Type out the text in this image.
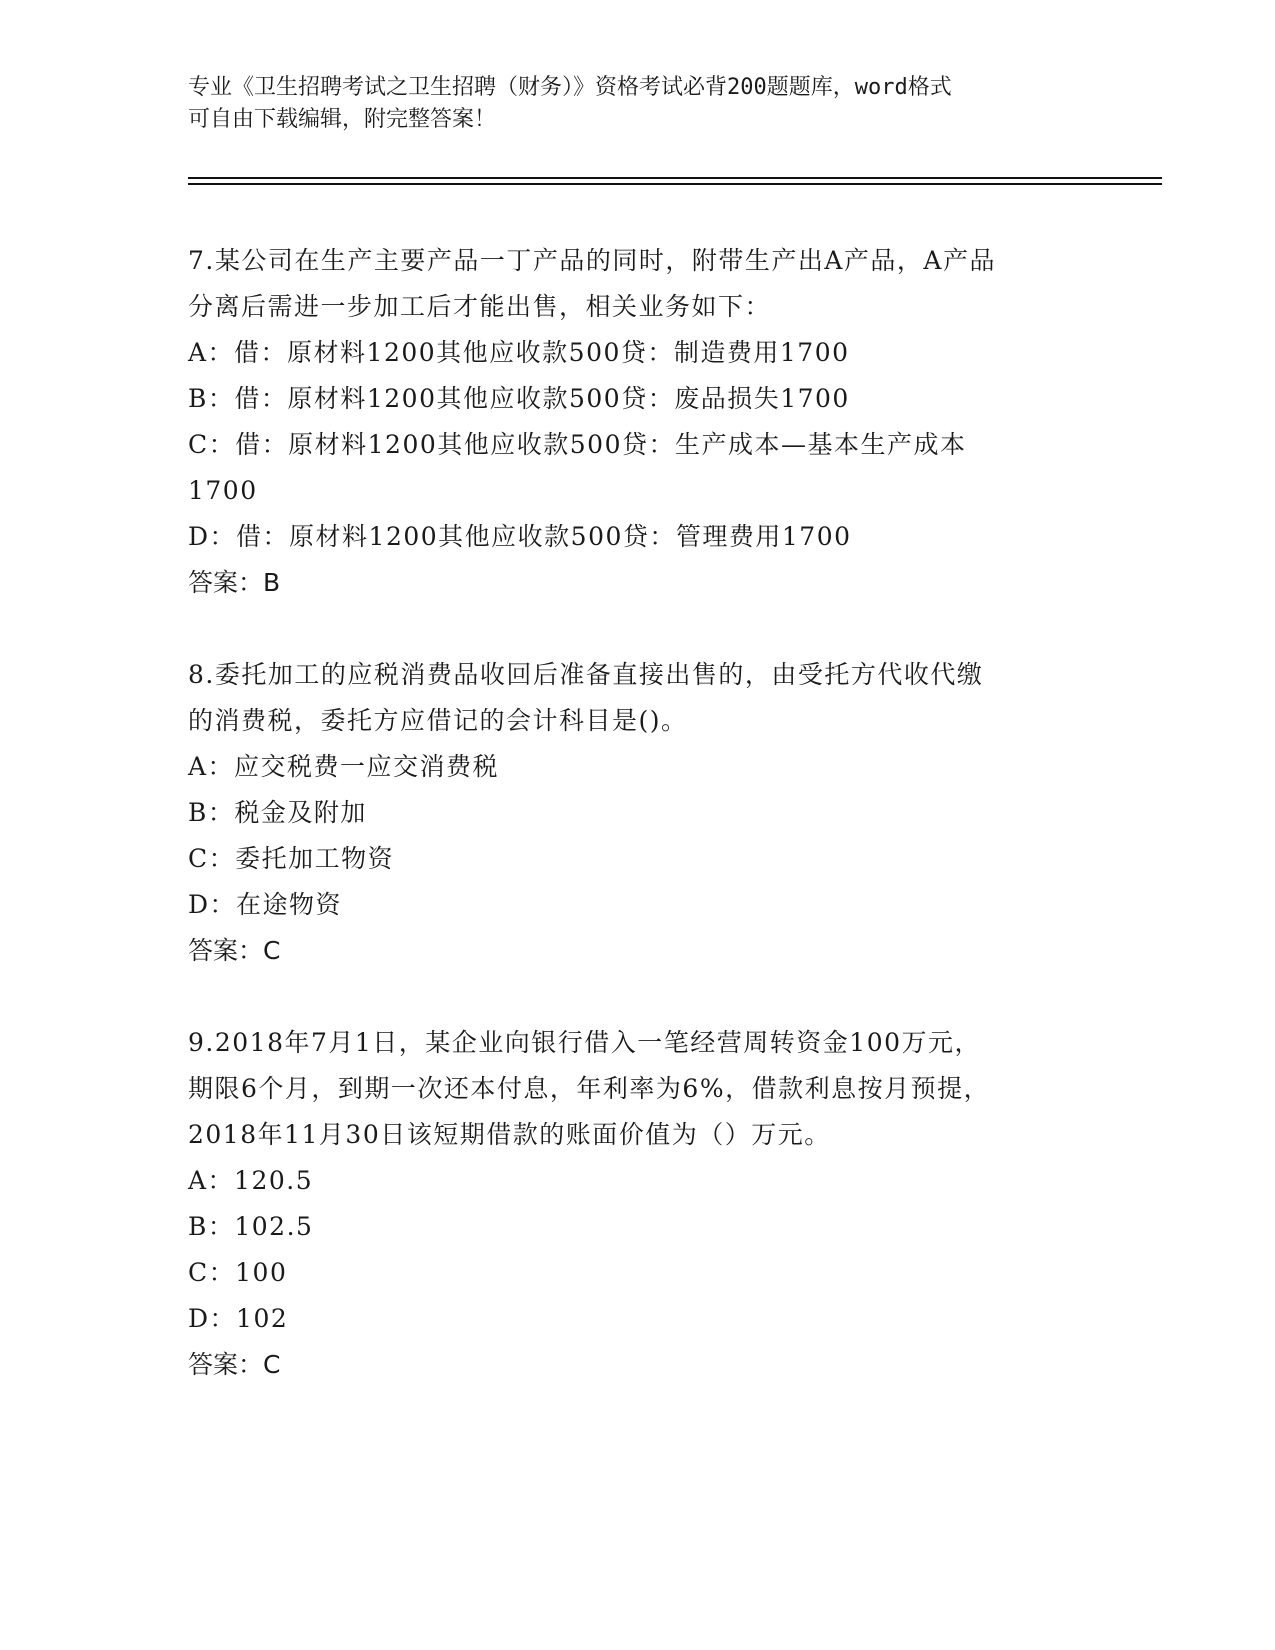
专业《卫生招聘考试之卫生招聘（财务）》资格考试必背200题题库，word格式
可自由下载编辑，附完整答案！
7.某公司在生产主要产品一丁产品的同时，附带生产出A产品，A产品
分离后需进一步加工后才能出售，相关业务如下：
A：借：原材料1200其他应收款500贷：制造费用1700
B：借：原材料1200其他应收款500贷：废品损失1700
C：借：原材料1200其他应收款500贷：生产成本—基本生产成本
1700
D：借：原材料1200其他应收款500贷：管理费用1700
答案：B
8.委托加工的应税消费品收回后准备直接出售的，由受托方代收代缴
的消费税，委托方应借记的会计科目是()。
A：应交税费一应交消费税
B：税金及附加
C：委托加工物资
D：在途物资
答案：C
9.2018年7月1日，某企业向银行借入一笔经营周转资金100万元，
期限6个月，到期一次还本付息，年利率为6%，借款利息按月预提，
2018年11月30日该短期借款的账面价值为（）万元。
A：120.5
B：102.5
C：100
D：102
答案：C
